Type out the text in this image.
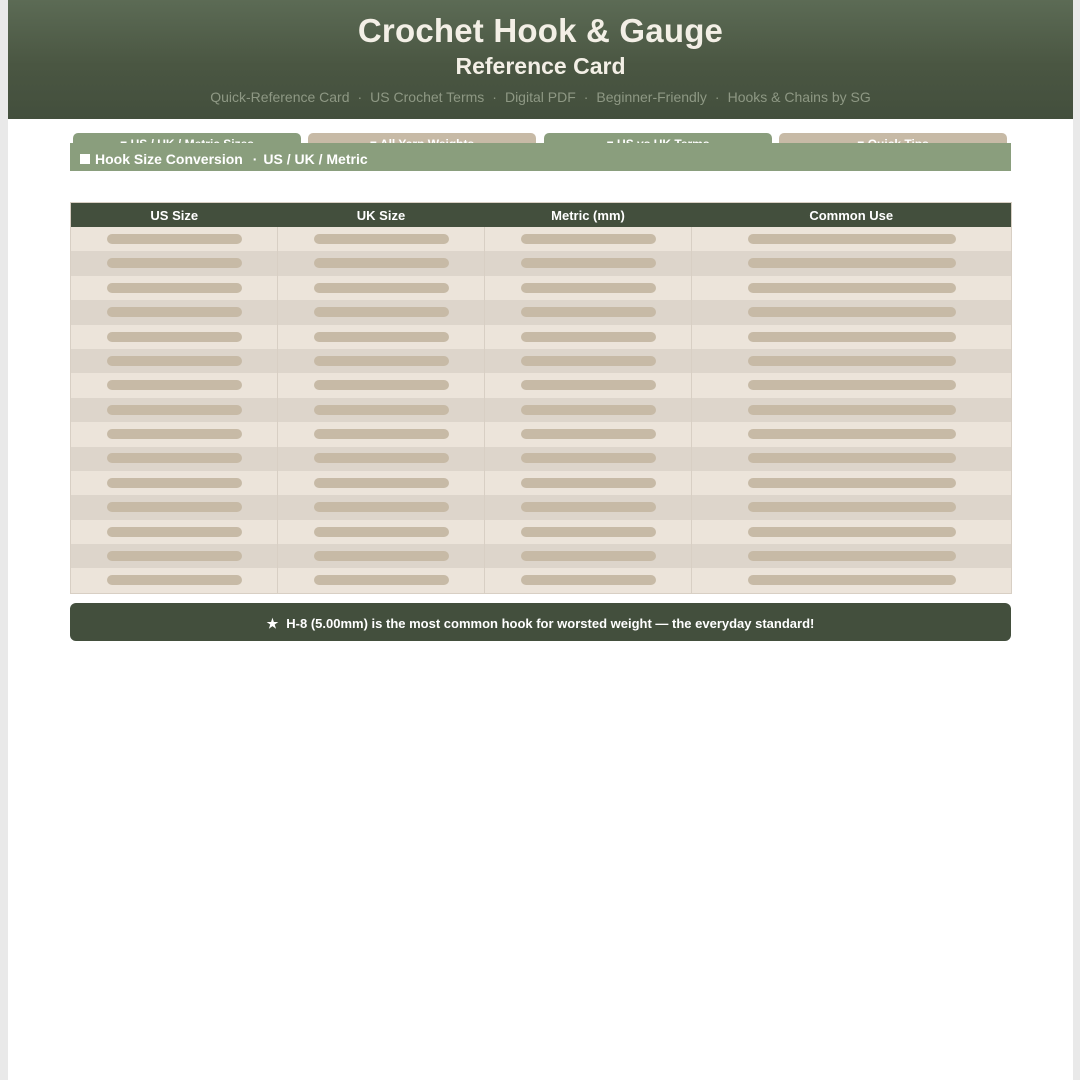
Crochet Hook & Gauge
Reference Card
Quick-Reference Card · US Crochet Terms · Digital PDF · Beginner-Friendly · Hooks & Chains by SG
Hook Size Conversion · US / UK / Metric
US Size	UK Size	Metric (mm)	Common Use

★ H-8 (5.00mm) is the most common hook for worsted weight — the everyday standard!
